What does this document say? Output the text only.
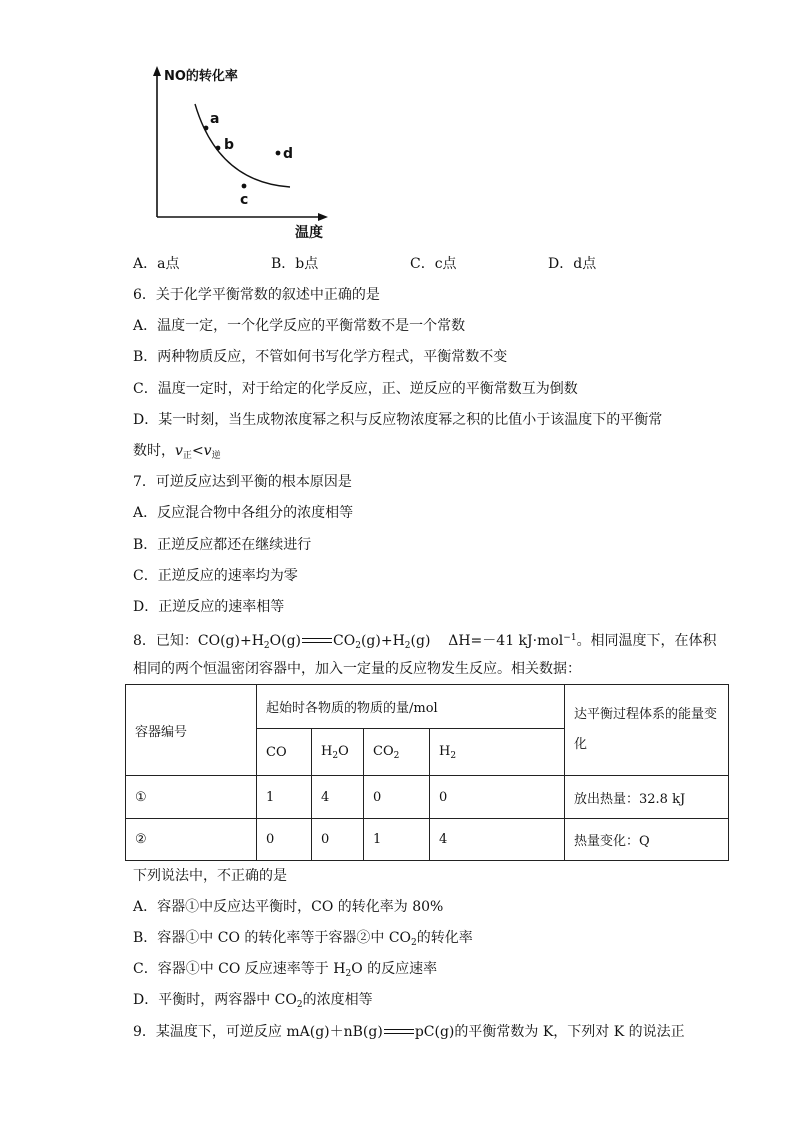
NO的转化率
温度
a
b
c
d
A．a点	B．b点	C．c点	D．d点
6．关于化学平衡常数的叙述中正确的是
A．温度一定，一个化学反应的平衡常数不是一个常数
B．两种物质反应，不管如何书写化学方程式，平衡常数不变
C．温度一定时，对于给定的化学反应，正、逆反应的平衡常数互为倒数
D．某一时刻，当生成物浓度幂之积与反应物浓度幂之积的比值小于该温度下的平衡常
数时，$v_正<v_逆$
7．可逆反应达到平衡的根本原因是
A．反应混合物中各组分的浓度相等
B．正逆反应都还在继续进行
C．正逆反应的速率均为零
D．正逆反应的速率相等
8．已知：$CO(g)+H_2O(g)$ $CO_2(g)+H_2(g)$ ΔH=－41 kJ·mol$^{-1}$。相同温度下，在体积
相同的两个恒温密闭容器中，加入一定量的反应物发生反应。相关数据：
容器编号	起始时各物质的物质的量/mol				达平衡过程体系的能量变化
	CO	$H_2O$	$CO_2$	$H_2$
①	1	4	0	0	放出热量：32.8 kJ
②	0	0	1	4	热量变化：Q
下列说法中，不正确的是
A．容器①中反应达平衡时，CO 的转化率为 80%
B．容器①中 CO 的转化率等于容器②中 $CO_2$的转化率
C．容器①中 CO 反应速率等于 $H_2O$ 的反应速率
D．平衡时，两容器中 $CO_2$的浓度相等
9．某温度下，可逆反应 mA(g)＋nB(g) pC(g)的平衡常数为 K，下列对 K 的说法正
